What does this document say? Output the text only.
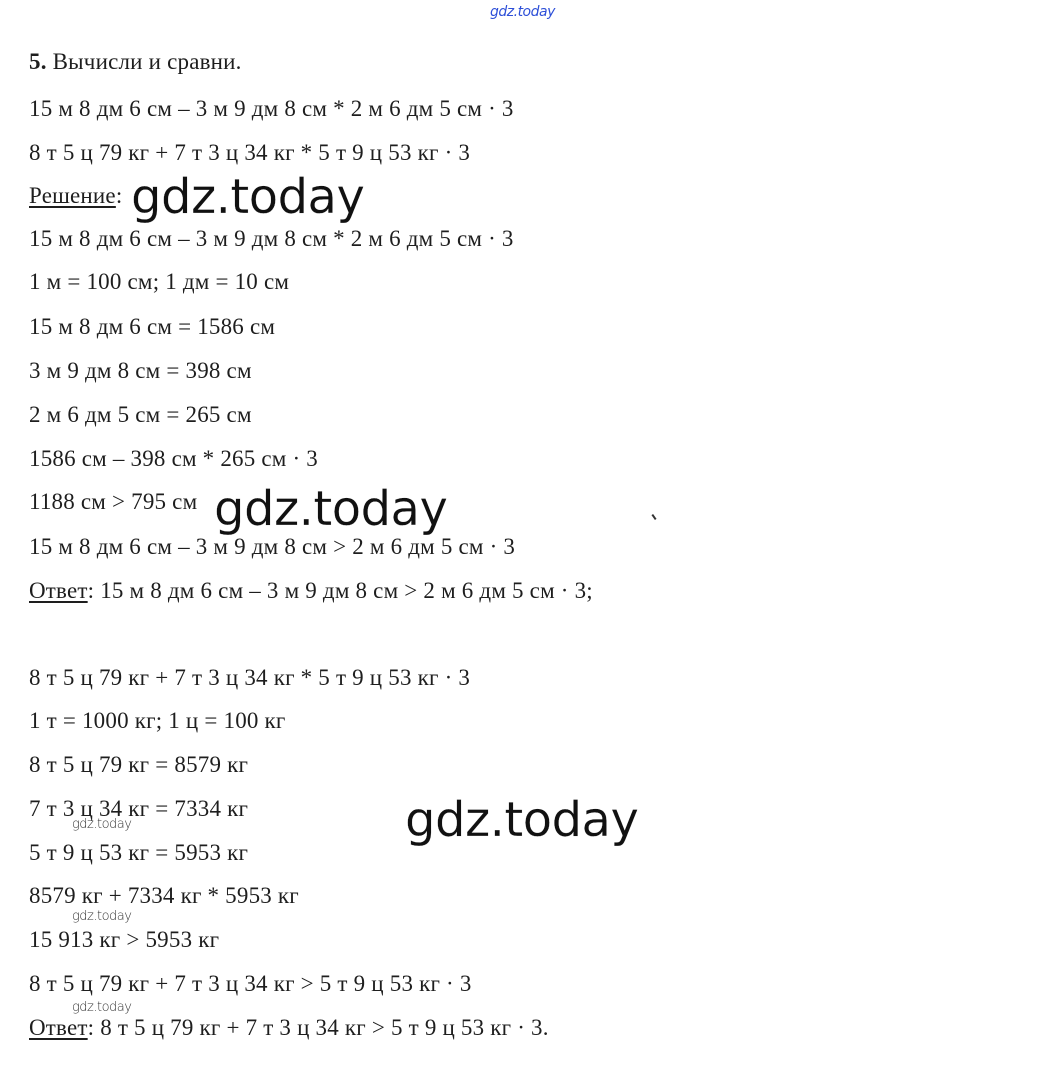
gdz.today
5. Вычисли и сравни.
15 м 8 дм 6 см – 3 м 9 дм 8 см * 2 м 6 дм 5 см · 3
8 т 5 ц 79 кг + 7 т 3 ц 34 кг * 5 т 9 ц 53 кг · 3
Решение:
15 м 8 дм 6 см – 3 м 9 дм 8 см * 2 м 6 дм 5 см · 3
1 м = 100 см; 1 дм = 10 см
15 м 8 дм 6 см = 1586 см
3 м 9 дм 8 см = 398 см
2 м 6 дм 5 см = 265 см
1586 см – 398 см * 265 см · 3
1188 см > 795 см
15 м 8 дм 6 см – 3 м 9 дм 8 см > 2 м 6 дм 5 см · 3
Ответ: 15 м 8 дм 6 см – 3 м 9 дм 8 см > 2 м 6 дм 5 см · 3;
8 т 5 ц 79 кг + 7 т 3 ц 34 кг * 5 т 9 ц 53 кг · 3
1 т = 1000 кг; 1 ц = 100 кг
8 т 5 ц 79 кг = 8579 кг
7 т 3 ц 34 кг = 7334 кг
5 т 9 ц 53 кг = 5953 кг
8579 кг + 7334 кг * 5953 кг
15 913 кг > 5953 кг
8 т 5 ц 79 кг + 7 т 3 ц 34 кг > 5 т 9 ц 53 кг · 3
Ответ: 8 т 5 ц 79 кг + 7 т 3 ц 34 кг > 5 т 9 ц 53 кг · 3.
gdz.today
gdz.today
gdz.today
gdz.today
gdz.today
gdz.today
